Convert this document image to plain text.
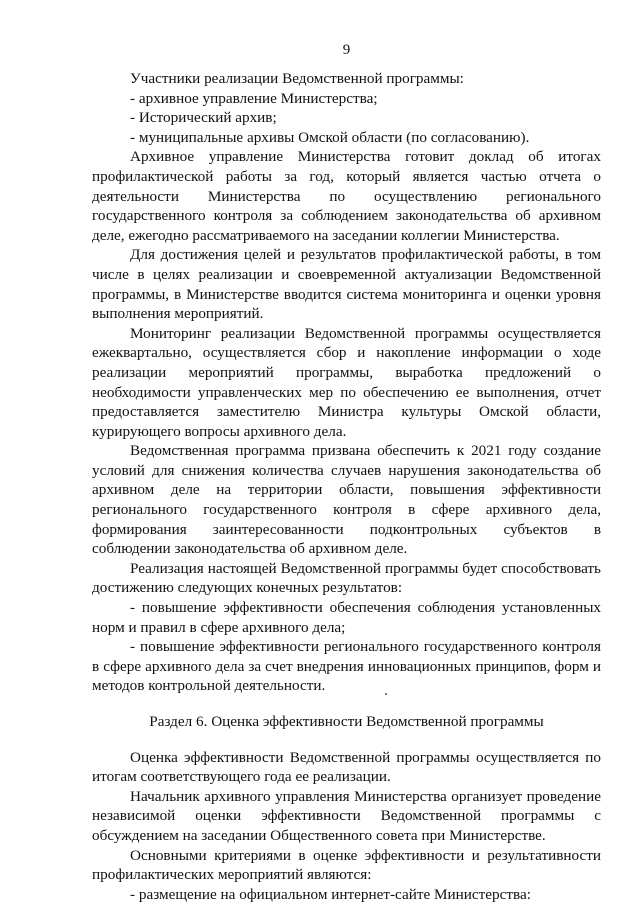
9

Участники реализации Ведомственной программы:
- архивное управление Министерства;
- Исторический архив;
- муниципальные архивы Омской области (по согласованию).

Архивное управление Министерства готовит доклад об итогах
профилактической работы за год, который является частью отчета о
деятельности Министерства по осуществлению регионального
государственного контроля за соблюдением законодательства об архивном
деле, ежегодно рассматриваемого на заседании коллегии Министерства.

Для достижения целей и результатов профилактической работы, в том
числе в целях реализации и своевременной актуализации Ведомственной
программы, в Министерстве вводится система мониторинга и оценки уровня
выполнения мероприятий.

Мониторинг реализации Ведомственной программы осуществляется
ежеквартально, осуществляется сбор и накопление информации о ходе
реализации мероприятий программы, выработка предложений о
необходимости управленческих мер по обеспечению ее выполнения, отчет
предоставляется заместителю Министра культуры Омской области,
курирующего вопросы архивного дела.

Ведомственная программа призвана обеспечить к 2021 году создание
условий для снижения количества случаев нарушения законодательства об
архивном деле на территории области, повышения эффективности
регионального государственного контроля в сфере архивного дела,
формирования заинтересованности подконтрольных субъектов в
соблюдении законодательства об архивном деле.

Реализация настоящей Ведомственной программы будет способствовать
достижению следующих конечных результатов:

- повышение эффективности обеспечения соблюдения установленных
норм и правил в сфере архивного дела;

- повышение эффективности регионального государственного контроля
в сфере архивного дела за счет внедрения инновационных принципов, форм и
методов контрольной деятельности.

Раздел 6. Оценка эффективности Ведомственной программы

Оценка эффективности Ведомственной программы осуществляется по
итогам соответствующего года ее реализации.

Начальник архивного управления Министерства организует проведение
независимой оценки эффективности Ведомственной программы с
обсуждением на заседании Общественного совета при Министерстве.

Основными критериями в оценке эффективности и результативности
профилактических мероприятий являются:

- размещение на официальном интернет-сайте Министерства:
